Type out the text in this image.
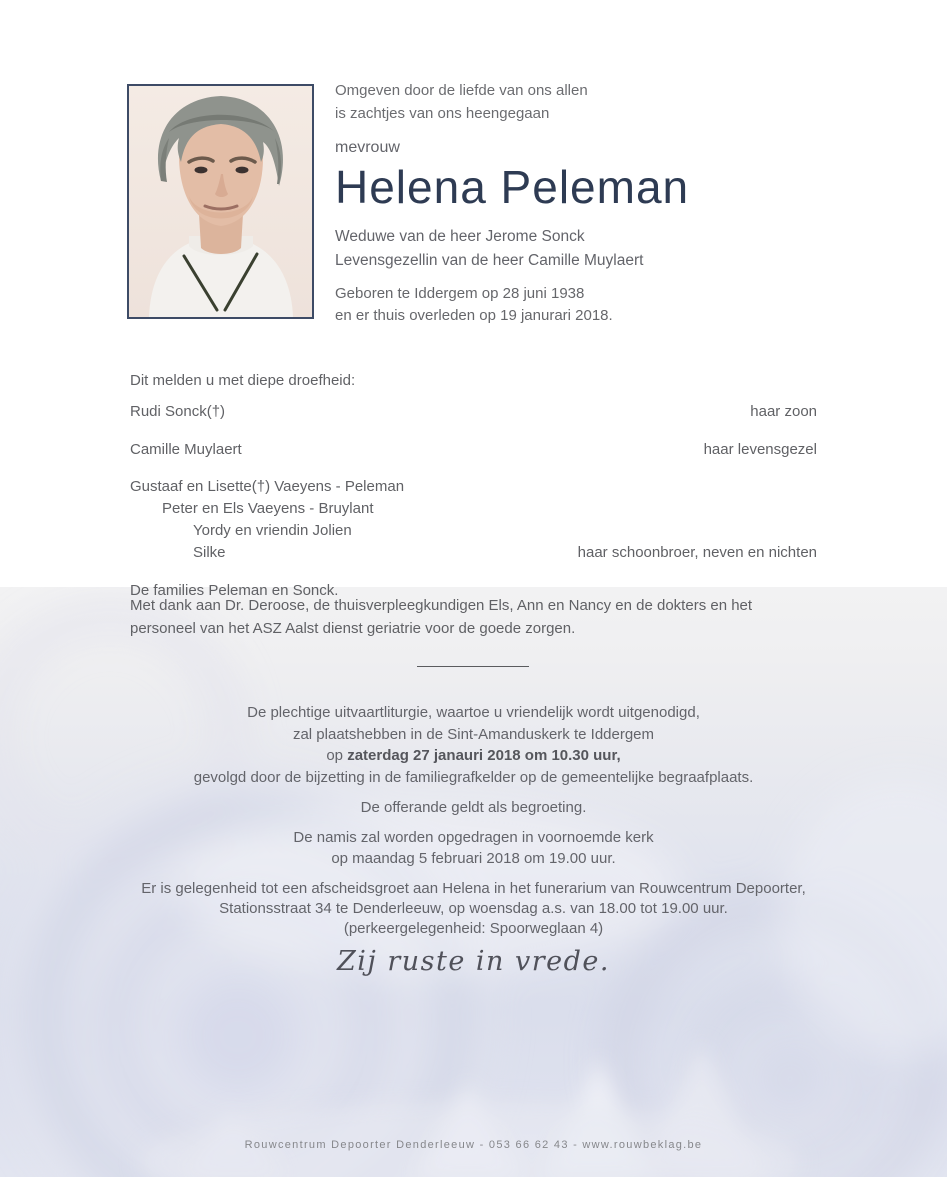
Omgeven door de liefde van ons allen
is zachtjes van ons heengegaan
mevrouw
Helena Peleman
Weduwe van de heer Jerome Sonck
Levensgezellin van de heer Camille Muylaert
Geboren te Iddergem op 28 juni 1938
en er thuis overleden op 19 janurari 2018.
Dit melden u met diepe droefheid:
Rudi Sonck(†)	haar zoon
Camille Muylaert	haar levensgezel
Gustaaf en Lisette(†) Vaeyens - Peleman
Peter en Els Vaeyens - Bruylant
Yordy en vriendin Jolien
Silke	haar schoonbroer, neven en nichten
De families Peleman en Sonck.
Met dank aan Dr. Deroose, de thuisverpleegkundigen Els, Ann en Nancy en de dokters en het personeel van het ASZ Aalst dienst geriatrie voor de goede zorgen.

De plechtige uitvaartliturgie, waartoe u vriendelijk wordt uitgenodigd,

zal plaatshebben in de Sint-Amanduskerk te Iddergem

op zaterdag 27 janauri 2018 om 10.30 uur,

gevolgd door de bijzetting in de familiegrafkelder op de gemeentelijke begraafplaats.

De offerande geldt als begroeting.

De namis zal worden opgedragen in voornoemde kerk

op maandag 5 februari 2018 om 19.00 uur.

Er is gelegenheid tot een afscheidsgroet aan Helena in het funerarium van Rouwcentrum Depoorter,

Stationsstraat 34 te Denderleeuw, op woensdag a.s. van 18.00 tot 19.00 uur.

(perkeergelegenheid: Spoorweglaan 4)

Zij ruste in vrede.
Rouwcentrum Depoorter Denderleeuw - 053 66 62 43 - www.rouwbeklag.be
